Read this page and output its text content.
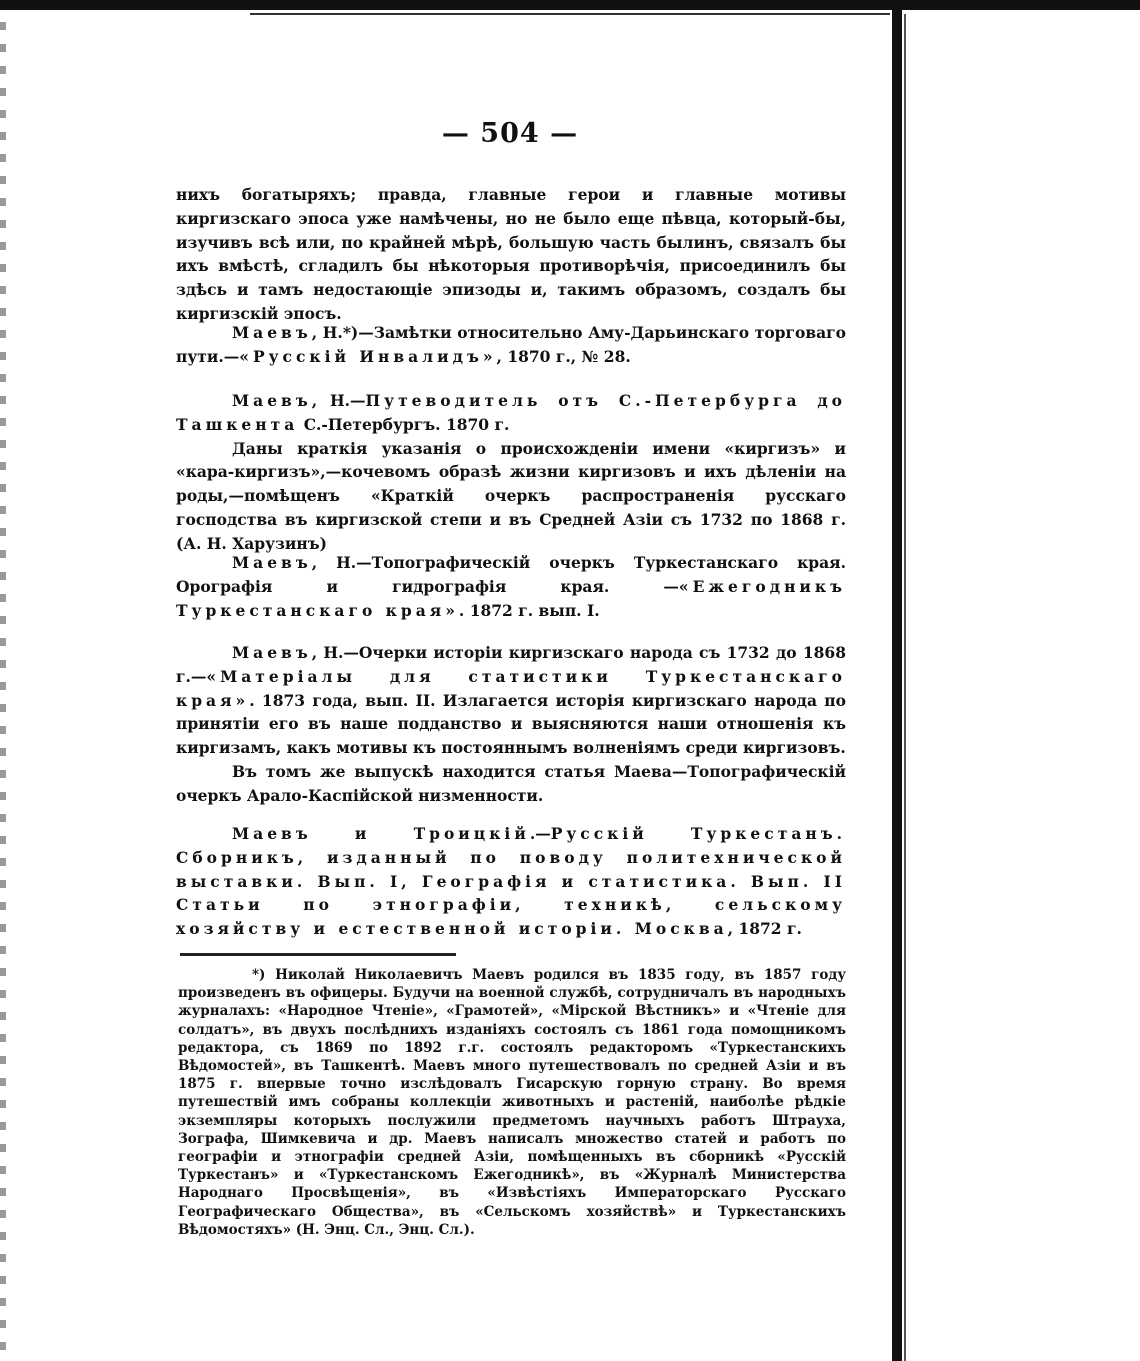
— 504 —

нихъ богатыряхъ; правда, главные герои и главные мотивы киргизскаго эпоса уже намѣчены, но не было еще пѣвца, который-бы, изучивъ всѣ или, по крайней мѣрѣ, большую часть былинъ, связалъ бы ихъ вмѣстѣ, сгладилъ бы нѣкоторыя противорѣчія, присоединилъ бы здѣсь и тамъ недостающіе эпизоды и, такимъ образомъ, создалъ бы киргизскій эпосъ.

Маевъ, Н.*)—Замѣтки относительно Аму-Дарьинскаго торговаго пути.—«Русскій Инвалидъ», 1870 г., № 28.

Маевъ, Н.—Путеводитель отъ С.-Петербурга до Ташкента С.-Петербургъ. 1870 г.

Даны краткія указанія о происхожденіи имени «киргизъ» и «кара-киргизъ»,—кочевомъ образѣ жизни киргизовъ и ихъ дѣленіи на роды,—помѣщенъ «Краткій очеркъ распространенія русскаго господства въ киргизской степи и въ Средней Азіи съ 1732 по 1868 г. (А. Н. Харузинъ)

Маевъ, Н.—Топографическій очеркъ Туркестанскаго края. Орографія и гидрографія края. —«Ежегодникъ Туркестанскаго края». 1872 г. вып. I.

Маевъ, Н.—Очерки исторіи киргизскаго народа съ 1732 до 1868 г.—«Матеріалы для статистики Туркестанскаго края». 1873 года, вып. II. Излагается исторія киргизскаго народа по принятіи его въ наше подданство и выясняются наши отношенія къ киргизамъ, какъ мотивы къ постояннымъ волненіямъ среди киргизовъ.

Въ томъ же выпускѣ находится статья Маева—Топографическій очеркъ Арало-Каспійской низменности.

Маевъ и Троицкій.—Русскій Туркестанъ. Сборникъ, изданный по поводу политехнической выставки. Вып. I, Географія и статистика. Вып. II Статьи по этнографіи, техникѣ, сельскому хозяйству и естественной исторіи. Москва, 1872 г.

*) Николай Николаевичъ Маевъ родился въ 1835 году, въ 1857 году произведенъ въ офицеры. Будучи на военной службѣ, сотрудничалъ въ народныхъ журналахъ: «Народное Чтеніе», «Грамотей», «Мірской Вѣстникъ» и «Чтеніе для солдатъ», въ двухъ послѣднихъ изданіяхъ состоялъ съ 1861 года помощникомъ редактора, съ 1869 по 1892 г.г. состоялъ редакторомъ «Туркестанскихъ Вѣдомостей», въ Ташкентѣ. Маевъ много путешествовалъ по средней Азіи и въ 1875 г. впервые точно изслѣдовалъ Гисарскую горную страну. Во время путешествій имъ собраны коллекціи животныхъ и растеній, наиболѣе рѣдкіе экземпляры которыхъ послужили предметомъ научныхъ работъ Штрауха, Зографа, Шимкевича и др. Маевъ написалъ множество статей и работъ по географіи и этнографіи средней Азіи, помѣщенныхъ въ сборникѣ «Русскій Туркестанъ» и «Туркестанскомъ Ежегодникѣ», въ «Журналѣ Министерства Народнаго Просвѣщенія», въ «Извѣстіяхъ Императорскаго Русскаго Географическаго Общества», въ «Сельскомъ хозяйствѣ» и Туркестанскихъ Вѣдомостяхъ» (Н. Энц. Сл., Энц. Сл.).
